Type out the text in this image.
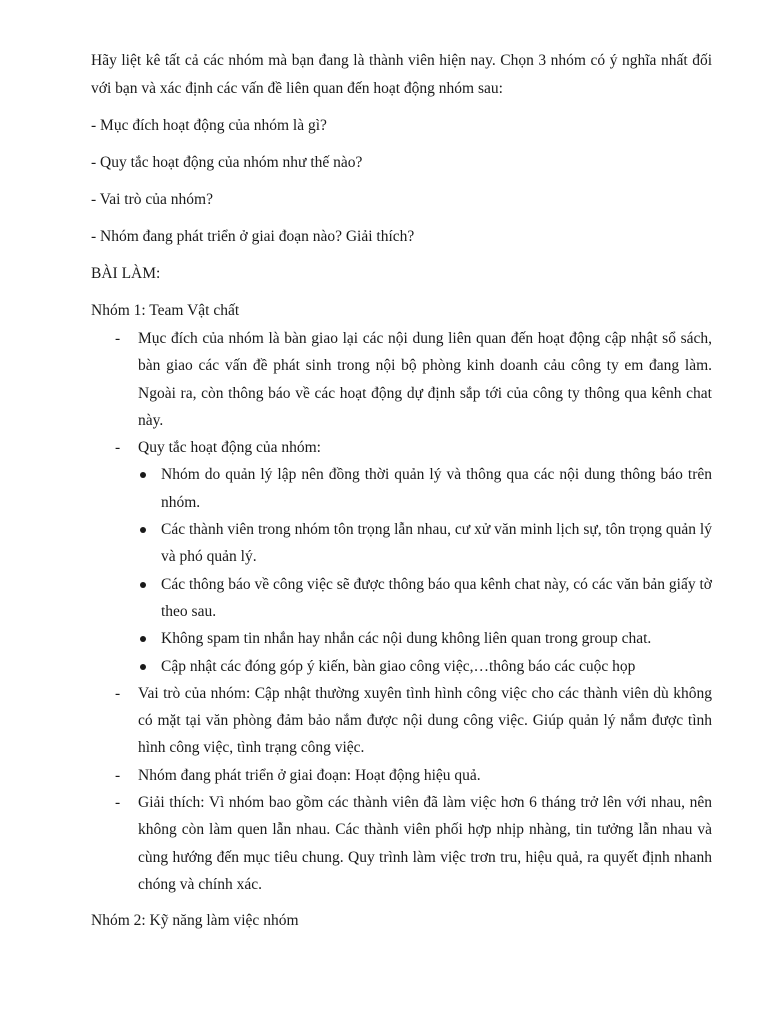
Hãy liệt kê tất cả các nhóm mà bạn đang là thành viên hiện nay. Chọn 3 nhóm có ý nghĩa nhất đối với bạn và xác định các vấn đề liên quan đến hoạt động nhóm sau:

- Mục đích hoạt động của nhóm là gì?

- Quy tắc hoạt động của nhóm như thế nào?

- Vai trò của nhóm?

- Nhóm đang phát triển ở giai đoạn nào? Giải thích?

BÀI LÀM:

Nhóm 1: Team Vật chất

- Mục đích của nhóm là bàn giao lại các nội dung liên quan đến hoạt động cập nhật sổ sách, bàn giao các vấn đề phát sinh trong nội bộ phòng kinh doanh cảu công ty em đang làm. Ngoài ra, còn thông báo về các hoạt động dự định sắp tới của công ty thông qua kênh chat này.
- Quy tắc hoạt động của nhóm:
Nhóm do quản lý lập nên đồng thời quản lý và thông qua các nội dung thông báo trên nhóm.
Các thành viên trong nhóm tôn trọng lẫn nhau, cư xử văn minh lịch sự, tôn trọng quản lý và phó quản lý.
Các thông báo về công việc sẽ được thông báo qua kênh chat này, có các văn bản giấy tờ theo sau.
Không spam tin nhắn hay nhắn các nội dung không liên quan trong group chat.
Cập nhật các đóng góp ý kiến, bàn giao công việc,…thông báo các cuộc họp
- Vai trò của nhóm: Cập nhật thường xuyên tình hình công việc cho các thành viên dù không có mặt tại văn phòng đảm bảo nắm được nội dung công việc. Giúp quản lý nắm được tình hình công việc, tình trạng công việc.
- Nhóm đang phát triển ở giai đoạn: Hoạt động hiệu quả.
- Giải thích: Vì nhóm bao gồm các thành viên đã làm việc hơn 6 tháng trở lên với nhau, nên không còn làm quen lẫn nhau. Các thành viên phối hợp nhịp nhàng, tin tưởng lẫn nhau và cùng hướng đến mục tiêu chung. Quy trình làm việc trơn tru, hiệu quả, ra quyết định nhanh chóng và chính xác.

Nhóm 2: Kỹ năng làm việc nhóm
